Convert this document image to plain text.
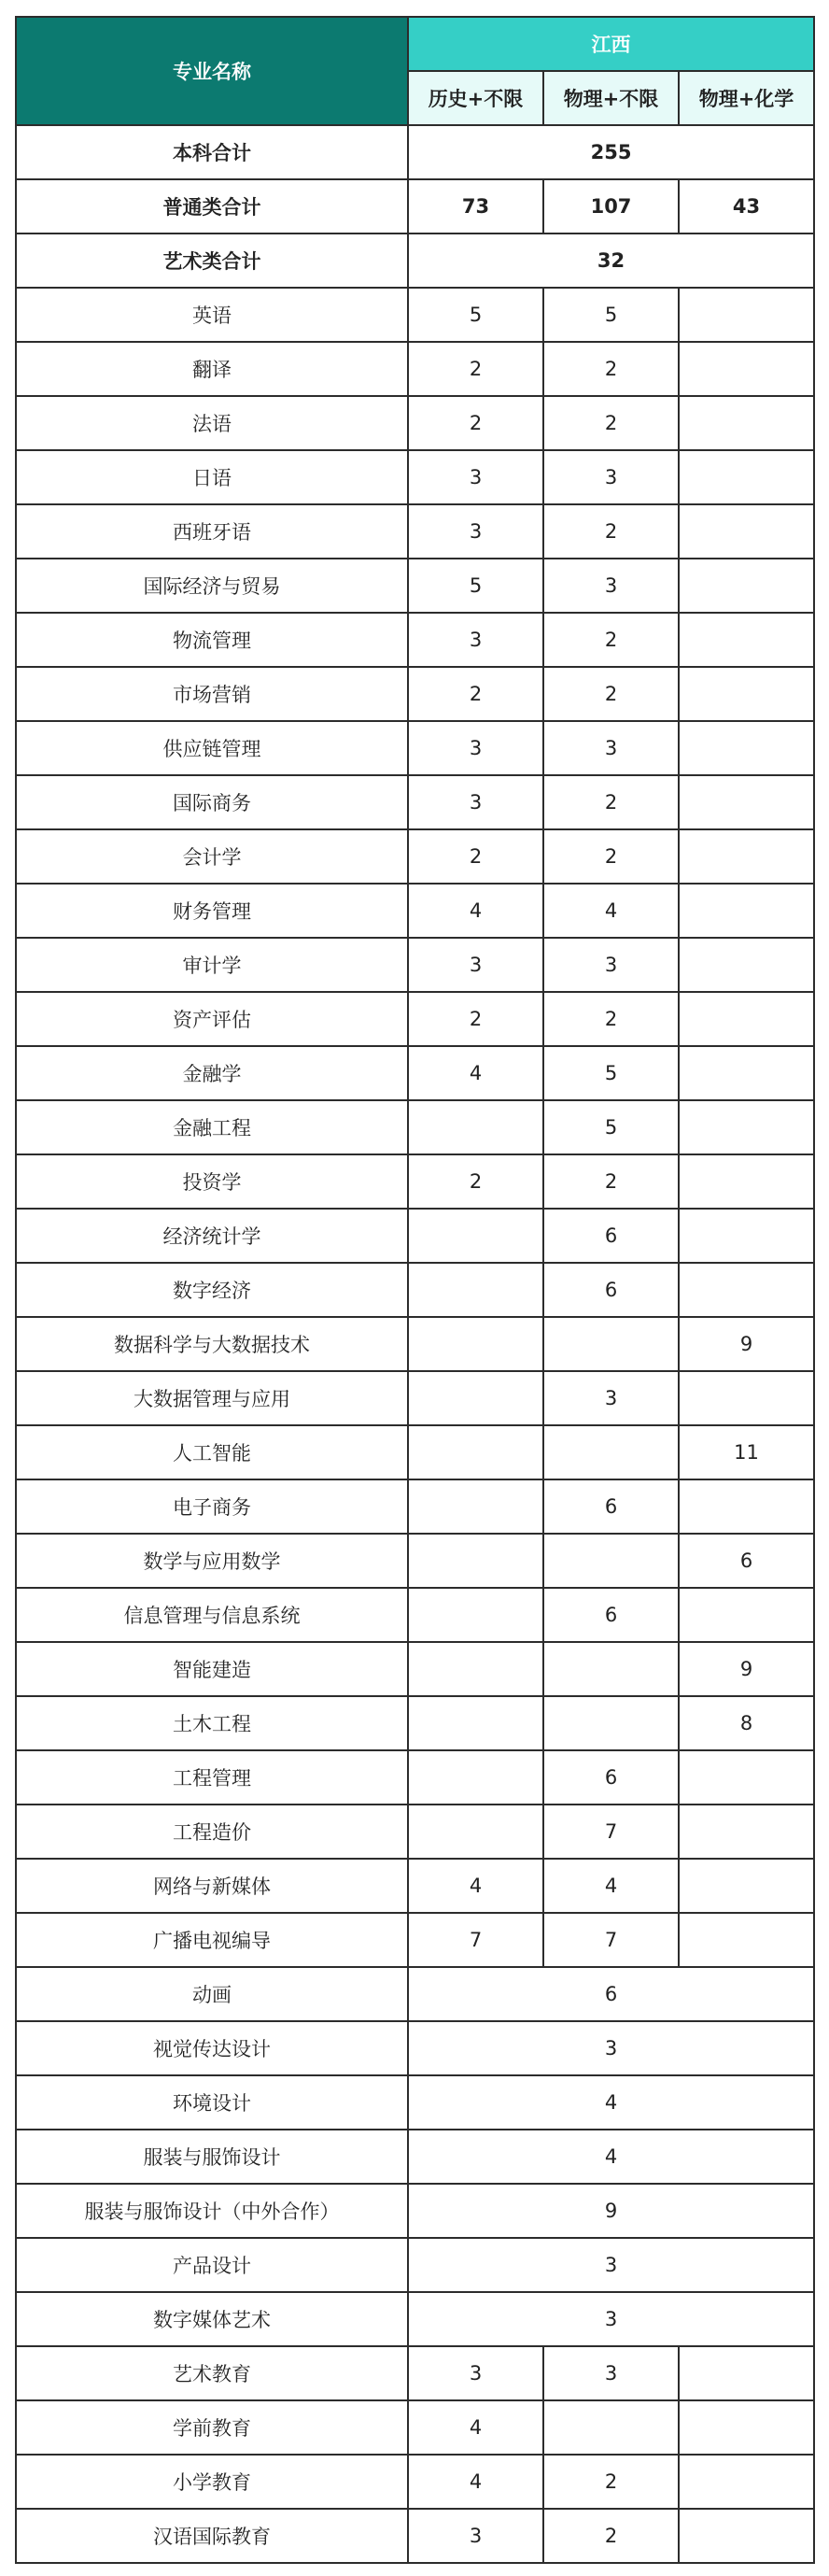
专业名称	江西		
	历史+不限	物理+不限	物理+化学
本科合计	255		
普通类合计	73	107	43
艺术类合计	32		
英语	5	5	
翻译	2	2	
法语	2	2	
日语	3	3	
西班牙语	3	2	
国际经济与贸易	5	3	
物流管理	3	2	
市场营销	2	2	
供应链管理	3	3	
国际商务	3	2	
会计学	2	2	
财务管理	4	4	
审计学	3	3	
资产评估	2	2	
金融学	4	5	
金融工程		5	
投资学	2	2	
经济统计学		6	
数字经济		6	
数据科学与大数据技术			9
大数据管理与应用		3	
人工智能			11
电子商务		6	
数学与应用数学			6
信息管理与信息系统		6	
智能建造			9
土木工程			8
工程管理		6	
工程造价		7	
网络与新媒体	4	4	
广播电视编导	7	7	
动画	6		
视觉传达设计	3		
环境设计	4		
服装与服饰设计	4		
服装与服饰设计（中外合作）	9		
产品设计	3		
数字媒体艺术	3		
艺术教育	3	3	
学前教育	4		
小学教育	4	2	
汉语国际教育	3	2	
